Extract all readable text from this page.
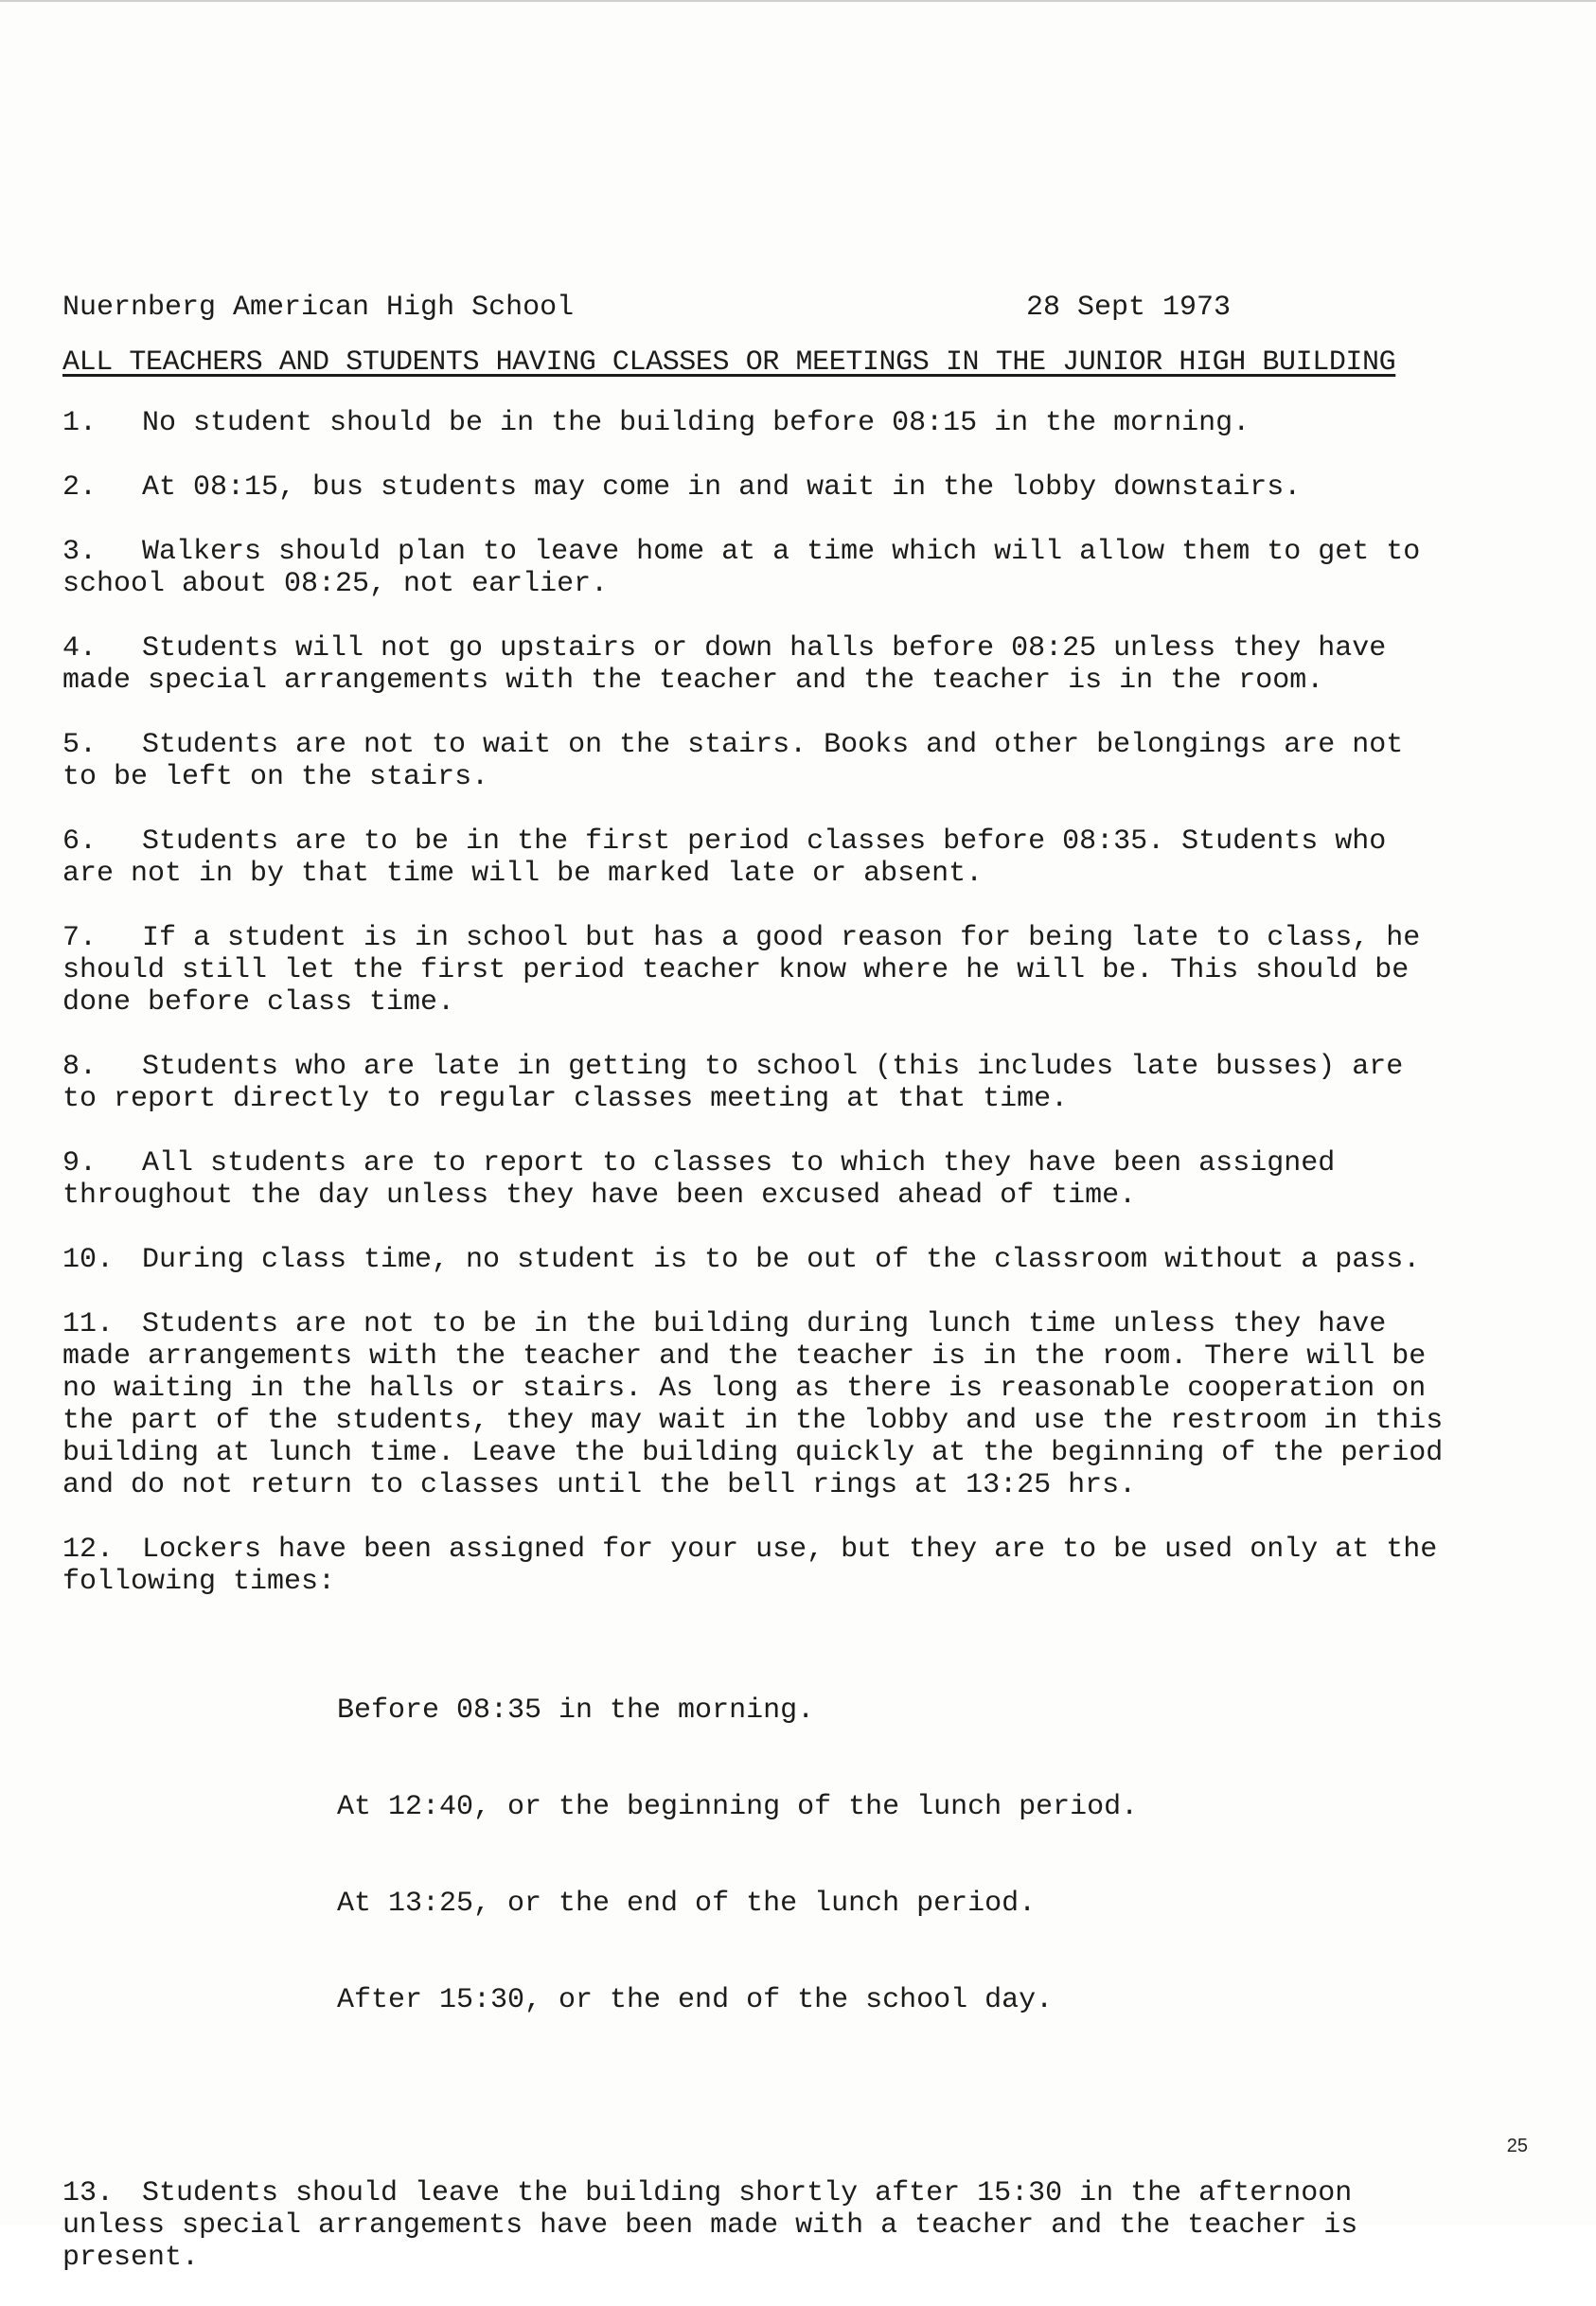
Nuernberg American High School	28 Sept 1973
ALL TEACHERS AND STUDENTS HAVING CLASSES OR MEETINGS IN THE JUNIOR HIGH BUILDING
1. No student should be in the building before 08:15 in the morning.
2. At 08:15, bus students may come in and wait in the lobby downstairs.
3. Walkers should plan to leave home at a time which will allow them to get to school about 08:25, not earlier.
4. Students will not go upstairs or down halls before 08:25 unless they have made special arrangements with the teacher and the teacher is in the room.
5. Students are not to wait on the stairs. Books and other belongings are not to be left on the stairs.
6. Students are to be in the first period classes before 08:35. Students who are not in by that time will be marked late or absent.
7. If a student is in school but has a good reason for being late to class, he should still let the first period teacher know where he will be. This should be done before class time.
8. Students who are late in getting to school (this includes late busses) are to report directly to regular classes meeting at that time.
9. All students are to report to classes to which they have been assigned throughout the day unless they have been excused ahead of time.
10. During class time, no student is to be out of the classroom without a pass.
11. Students are not to be in the building during lunch time unless they have made arrangements with the teacher and the teacher is in the room. There will be no waiting in the halls or stairs. As long as there is reasonable cooperation on the part of the students, they may wait in the lobby and use the restroom in this building at lunch time. Leave the building quickly at the beginning of the period and do not return to classes until the bell rings at 13:25 hrs.
12. Lockers have been assigned for your use, but they are to be used only at the following times:

Before 08:35 in the morning.

At 12:40, or the beginning of the lunch period.

At 13:25, or the end of the lunch period.

After 15:30, or the end of the school day.

13. Students should leave the building shortly after 15:30 in the afternoon unless special arrangements have been made with a teacher and the teacher is present.
25
